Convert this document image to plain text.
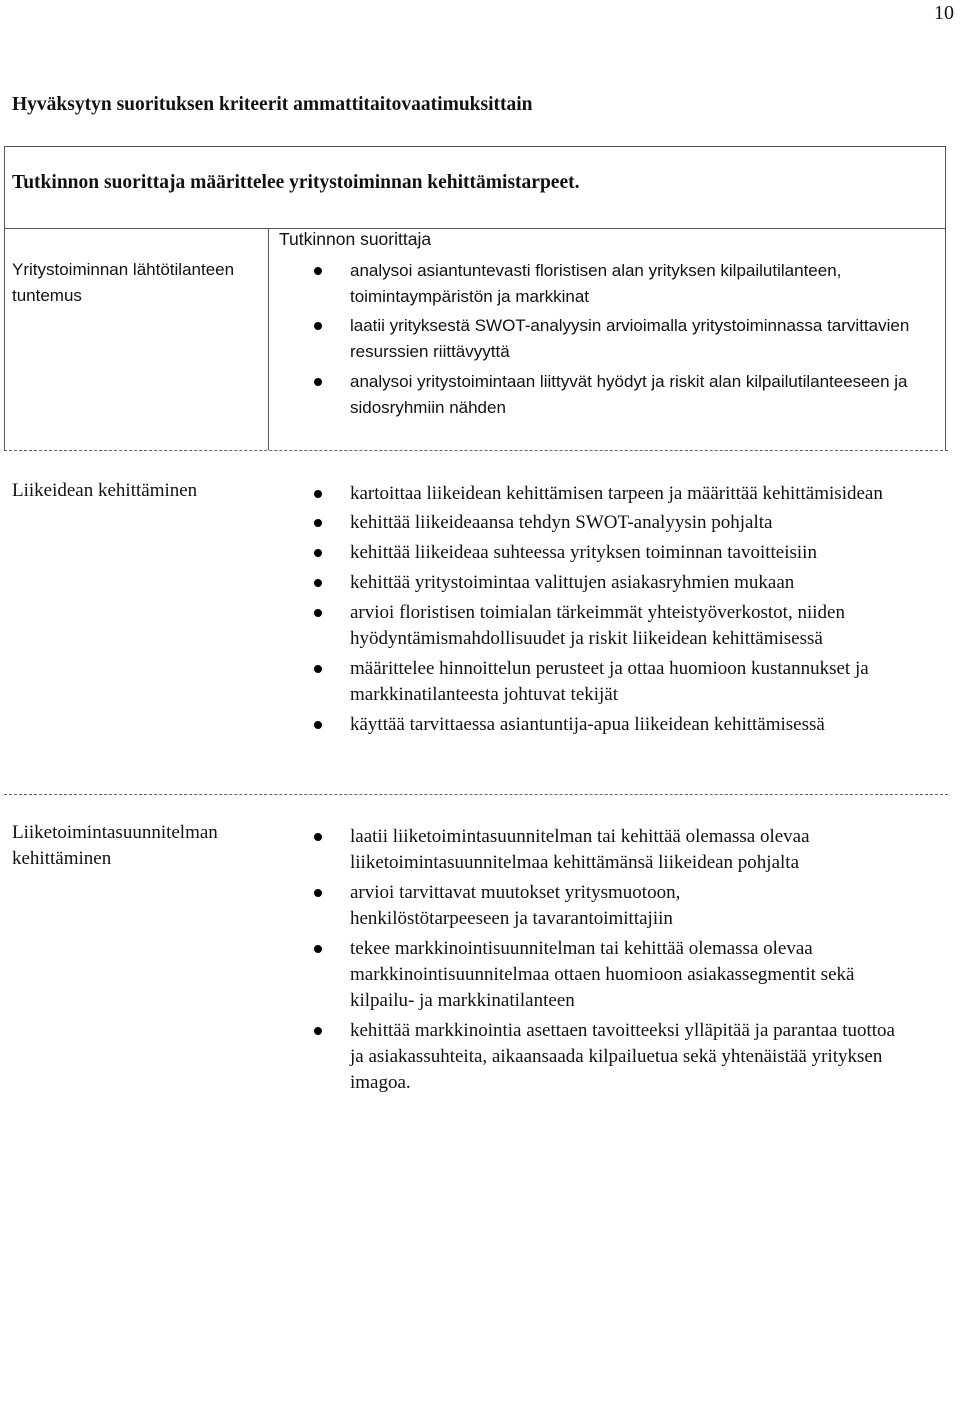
10
Hyväksytyn suorituksen kriteerit ammattitaitovaatimuksittain
Tutkinnon suorittaja määrittelee yritystoiminnan kehittämistarpeet.
Yritystoiminnan lähtötilanteen tuntemus
Tutkinnon suorittaja
analysoi asiantuntevasti floristisen alan yrityksen kilpailutilanteen, toimintaympäristön ja markkinat
laatii yrityksestä SWOT-analyysin arvioimalla yritystoiminnassa tarvittavien resurssien riittävyyttä
analysoi yritystoimintaan liittyvät hyödyt ja riskit alan kilpailutilanteeseen ja sidosryhmiin nähden
Liikeidean kehittäminen	kartoittaa liikeidean kehittämisen tarpeen ja määrittää kehittämisidean
kehittää liikeideaansa tehdyn SWOT-analyysin pohjalta
kehittää liikeideaa suhteessa yrityksen toiminnan tavoitteisiin
kehittää yritystoimintaa valittujen asiakasryhmien mukaan
arvioi floristisen toimialan tärkeimmät yhteistyöverkostot, niiden hyödyntämismahdollisuudet ja riskit liikeidean kehittämisessä
määrittelee hinnoittelun perusteet ja ottaa huomioon kustannukset ja markkinatilanteesta johtuvat tekijät
käyttää tarvittaessa asiantuntija-apua liikeidean kehittämisessä
Liiketoimintasuunnitelman kehittäminen
laatii liiketoimintasuunnitelman tai kehittää olemassa olevaa liiketoimintasuunnitelmaa kehittämänsä liikeidean pohjalta
arvioi tarvittavat muutokset yritysmuotoon, henkilöstötarpeeseen ja tavarantoimittajiin
tekee markkinointisuunnitelman tai kehittää olemassa olevaa markkinointisuunnitelmaa ottaen huomioon asiakassegmentit sekä kilpailu- ja markkinatilanteen
kehittää markkinointia asettaen tavoitteeksi ylläpitää ja parantaa tuottoa ja asiakassuhteita, aikaansaada kilpailuetua sekä yhtenäistää yrityksen imagoa.
